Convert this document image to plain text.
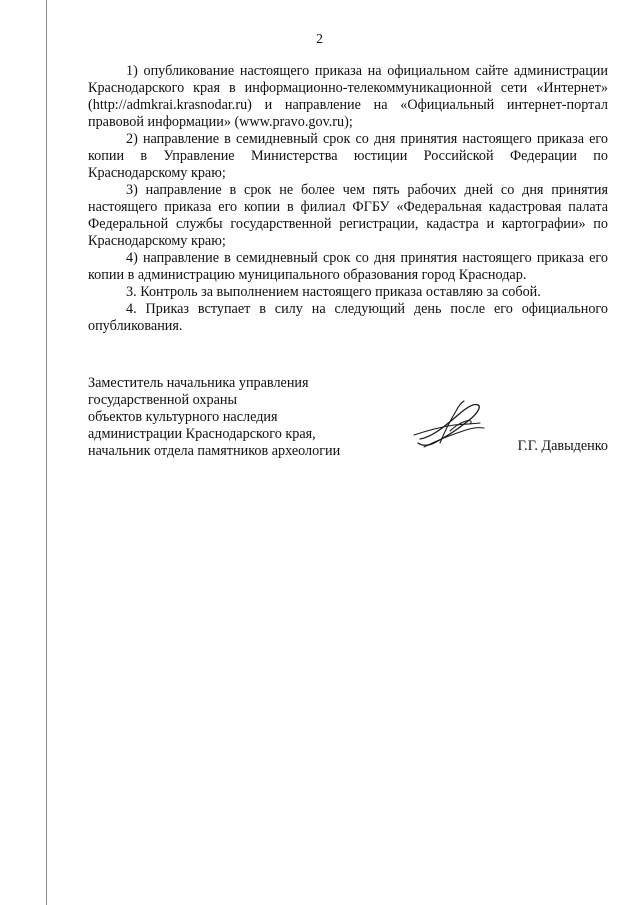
2

1) опубликование настоящего приказа на официальном сайте администрации Краснодарского края в информационно-телекоммуникационной сети «Интернет» (http://admkrai.krasnodar.ru) и направление на «Официальный интернет-портал правовой информации» (www.pravo.gov.ru);

2) направление в семидневный срок со дня принятия настоящего приказа его копии в Управление Министерства юстиции Российской Федерации по Краснодарскому краю;

3) направление в срок не более чем пять рабочих дней со дня принятия настоящего приказа его копии в филиал ФГБУ «Федеральная кадастровая палата Федеральной службы государственной регистрации, кадастра и картографии» по Краснодарскому краю;

4) направление в семидневный срок со дня принятия настоящего приказа его копии в администрацию муниципального образования город Краснодар.

3. Контроль за выполнением настоящего приказа оставляю за собой.

4. Приказ вступает в силу на следующий день после его официального опубликования.

Заместитель начальника управления
государственной охраны
объектов культурного наследия
администрации Краснодарского края,
начальник отдела памятников археологии	Г.Г. Давыденко
